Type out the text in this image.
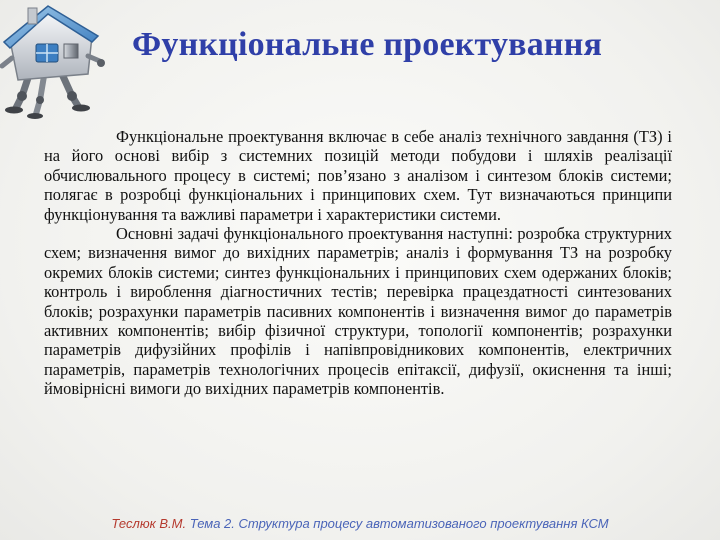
Функціональне проектування

Функціональне проектування включає в себе аналіз технічного завдання (ТЗ) і на його основі вибір з системних позицій методи побудови і шляхів реалізації обчислювального процесу в системі; пов’язано з аналізом і синтезом блоків системи; полягає в розробці функціональних і принципових схем. Тут визначаються принципи функціонування та важливі параметри і характеристики системи.

Основні задачі функціонального проектування наступні: розробка структурних схем; визначення вимог до вихідних параметрів; аналіз і формування ТЗ на розробку окремих блоків системи; синтез функціональних і принципових схем одержаних блоків; контроль і вироблення діагностичних тестів; перевірка працездатності синтезованих блоків; розрахунки параметрів пасивних компонентів і визначення вимог до параметрів активних компонентів; вибір фізичної структури, топології компонентів; розрахунки параметрів дифузійних профілів і напівпровідникових компонентів, електричних параметрів, параметрів технологічних процесів епітаксії, дифузії, окиснення та інші; ймовірнісні вимоги до вихідних параметрів компонентів.

Теслюк В.М. Тема 2. Структура процесу автоматизованого проектування КСМ
